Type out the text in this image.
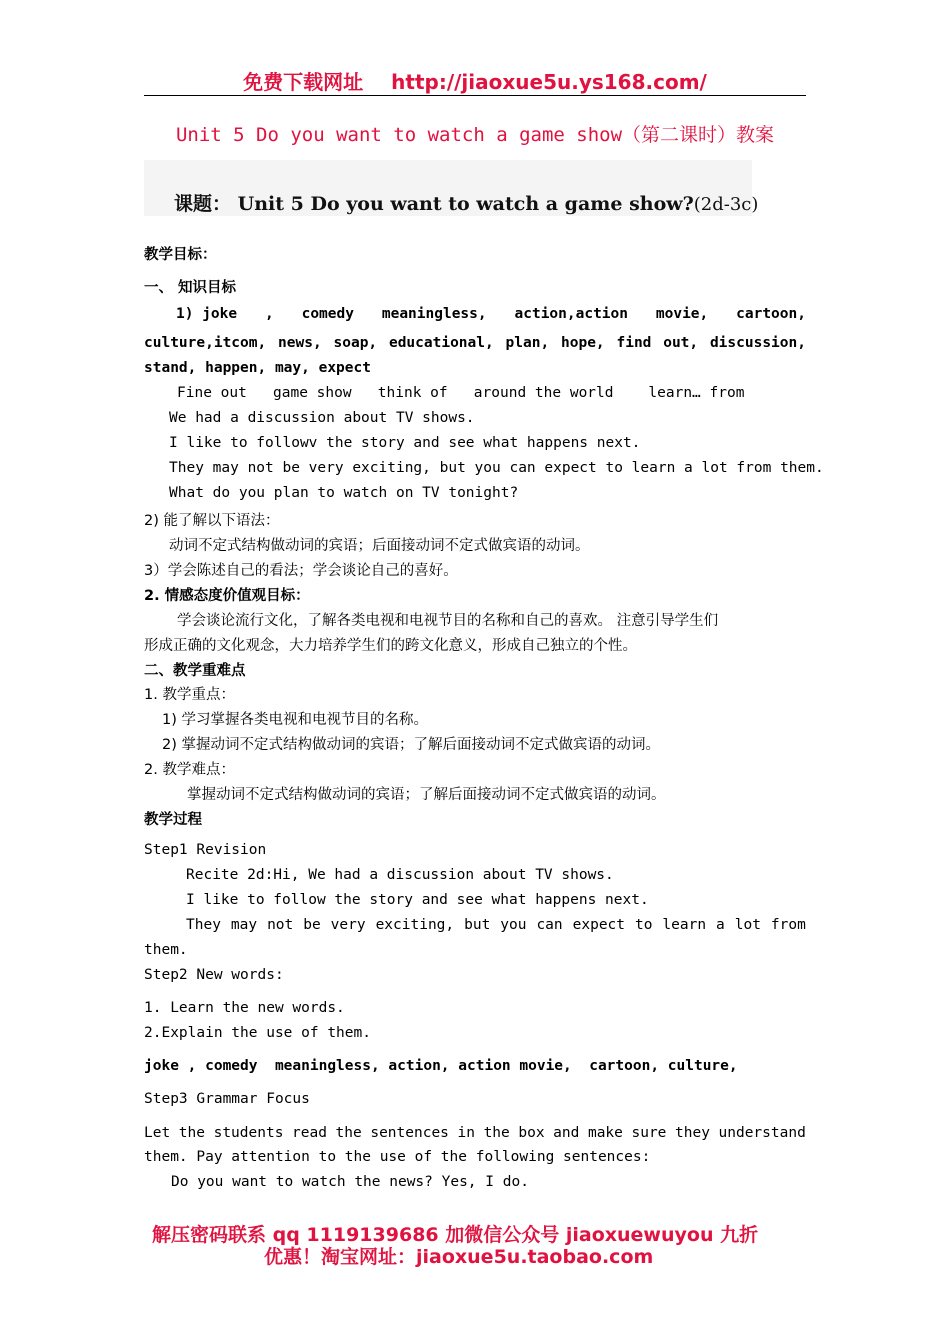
免费下载网址 http://jiaoxue5u.ys168.com/
Unit 5 Do you want to watch a game show（第二课时）教案
课题： Unit 5 Do you want to watch a game show?(2d-3c)
教学目标：
一、 知识目标
1) joke , comedy meaningless, action,action movie, cartoon,
culture,itcom, news, soap, educational, plan, hope, find out, discussion,
stand, happen, may, expect
Fine out   game show   think of   around the world    learn… from
We had a discussion about TV shows.
I like to followv the story and see what happens next.
They may not be very exciting, but you can expect to learn a lot from them.
What do you plan to watch on TV tonight?
2) 能了解以下语法：
动词不定式结构做动词的宾语；后面接动词不定式做宾语的动词。
3）学会陈述自己的看法；学会谈论自己的喜好。
2. 情感态度价值观目标：
学会谈论流行文化，了解各类电视和电视节目的名称和自己的喜欢。 注意引导学生们
形成正确的文化观念，大力培养学生们的跨文化意义，形成自己独立的个性。
二、教学重难点
1. 教学重点：
1) 学习掌握各类电视和电视节目的名称。
2) 掌握动词不定式结构做动词的宾语；了解后面接动词不定式做宾语的动词。
2. 教学难点：
掌握动词不定式结构做动词的宾语；了解后面接动词不定式做宾语的动词。
教学过程
Step1 Revision
Recite 2d:Hi, We had a discussion about TV shows.
I like to follow the story and see what happens next.
They may not be very exciting, but you can expect to learn a lot from
them.
Step2 New words:
1. Learn the new words.
2.Explain the use of them.
joke , comedy  meaningless, action, action movie,  cartoon, culture,
Step3 Grammar Focus
Let the students read the sentences in the box and make sure they understand
them. Pay attention to the use of the following sentences:
Do you want to watch the news? Yes, I do.
解压密码联系 qq 1119139686 加微信公众号 jiaoxuewuyou 九折
优惠！淘宝网址：jiaoxue5u.taobao.com
